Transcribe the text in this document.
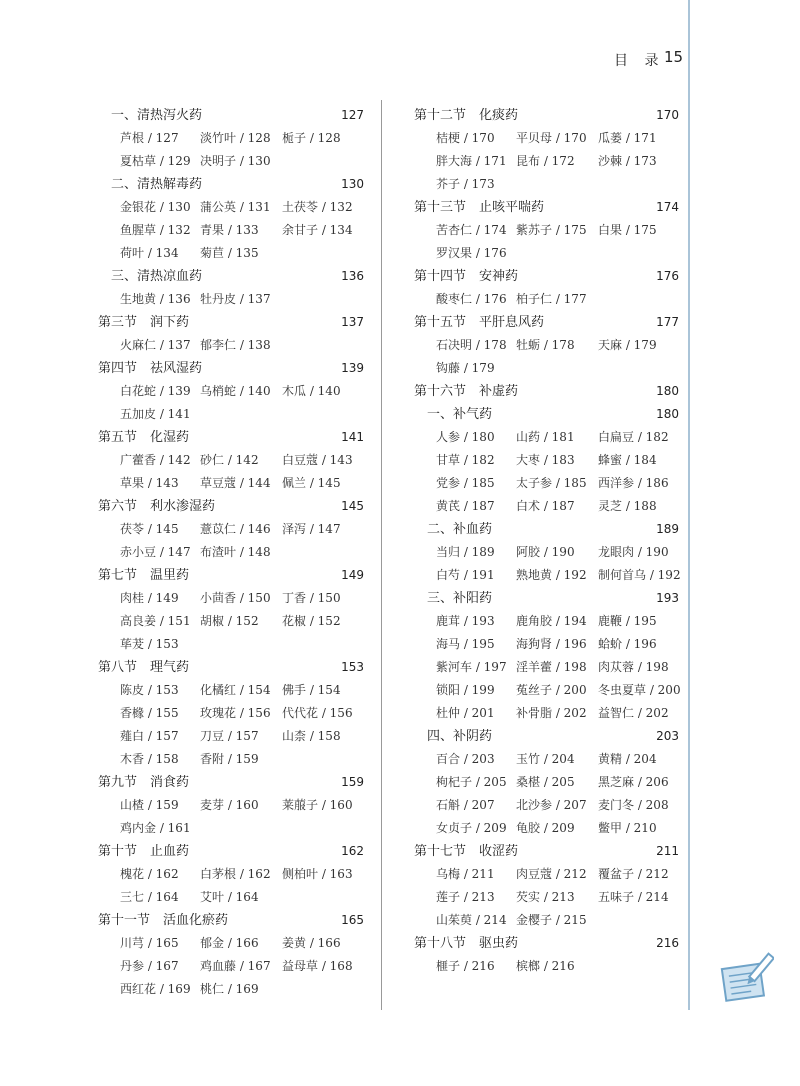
目 录 15
一、清热泻火药	127
芦根 / 127 淡竹叶 / 128 栀子 / 128
夏枯草 / 129 决明子 / 130
二、清热解毒药	130
金银花 / 130 蒲公英 / 131 土茯苓 / 132
鱼腥草 / 132 青果 / 133 余甘子 / 134
荷叶 / 134 菊苣 / 135
三、清热凉血药	136
生地黄 / 136 牡丹皮 / 137
第三节　润下药	137
火麻仁 / 137 郁李仁 / 138
第四节　祛风湿药	139
白花蛇 / 139 乌梢蛇 / 140 木瓜 / 140
五加皮 / 141
第五节　化湿药	141
广藿香 / 142 砂仁 / 142 白豆蔻 / 143
草果 / 143 草豆蔻 / 144 佩兰 / 145
第六节　利水渗湿药	145
茯苓 / 145 薏苡仁 / 146 泽泻 / 147
赤小豆 / 147 布渣叶 / 148
第七节　温里药	149
肉桂 / 149 小茴香 / 150 丁香 / 150
高良姜 / 151 胡椒 / 152 花椒 / 152
荜茇 / 153
第八节　理气药	153
陈皮 / 153 化橘红 / 154 佛手 / 154
香橼 / 155 玫瑰花 / 156 代代花 / 156
薤白 / 157 刀豆 / 157 山柰 / 158
木香 / 158 香附 / 159
第九节　消食药	159
山楂 / 159 麦芽 / 160 莱菔子 / 160
鸡内金 / 161
第十节　止血药	162
槐花 / 162 白茅根 / 162 侧柏叶 / 163
三七 / 164 艾叶 / 164
第十一节　活血化瘀药	165
川芎 / 165 郁金 / 166 姜黄 / 166
丹参 / 167 鸡血藤 / 167 益母草 / 168
西红花 / 169 桃仁 / 169
第十二节　化痰药	170
桔梗 / 170 平贝母 / 170 瓜蒌 / 171
胖大海 / 171 昆布 / 172 沙棘 / 173
芥子 / 173
第十三节　止咳平喘药	174
苦杏仁 / 174 紫苏子 / 175 白果 / 175
罗汉果 / 176
第十四节　安神药	176
酸枣仁 / 176 柏子仁 / 177
第十五节　平肝息风药	177
石决明 / 178 牡蛎 / 178 天麻 / 179
钩藤 / 179
第十六节　补虚药	180
一、补气药	180
人参 / 180 山药 / 181 白扁豆 / 182
甘草 / 182 大枣 / 183 蜂蜜 / 184
党参 / 185 太子参 / 185 西洋参 / 186
黄芪 / 187 白术 / 187 灵芝 / 188
二、补血药	189
当归 / 189 阿胶 / 190 龙眼肉 / 190
白芍 / 191 熟地黄 / 192 制何首乌 / 192
三、补阳药	193
鹿茸 / 193 鹿角胶 / 194 鹿鞭 / 195
海马 / 195 海狗肾 / 196 蛤蚧 / 196
紫河车 / 197 淫羊藿 / 198 肉苁蓉 / 198
锁阳 / 199 菟丝子 / 200 冬虫夏草 / 200
杜仲 / 201 补骨脂 / 202 益智仁 / 202
四、补阴药	203
百合 / 203 玉竹 / 204 黄精 / 204
枸杞子 / 205 桑椹 / 205 黑芝麻 / 206
石斛 / 207 北沙参 / 207 麦门冬 / 208
女贞子 / 209 龟胶 / 209 鳖甲 / 210
第十七节　收涩药	211
乌梅 / 211 肉豆蔻 / 212 覆盆子 / 212
莲子 / 213 芡实 / 213 五味子 / 214
山茱萸 / 214 金樱子 / 215
第十八节　驱虫药	216
榧子 / 216 槟榔 / 216
